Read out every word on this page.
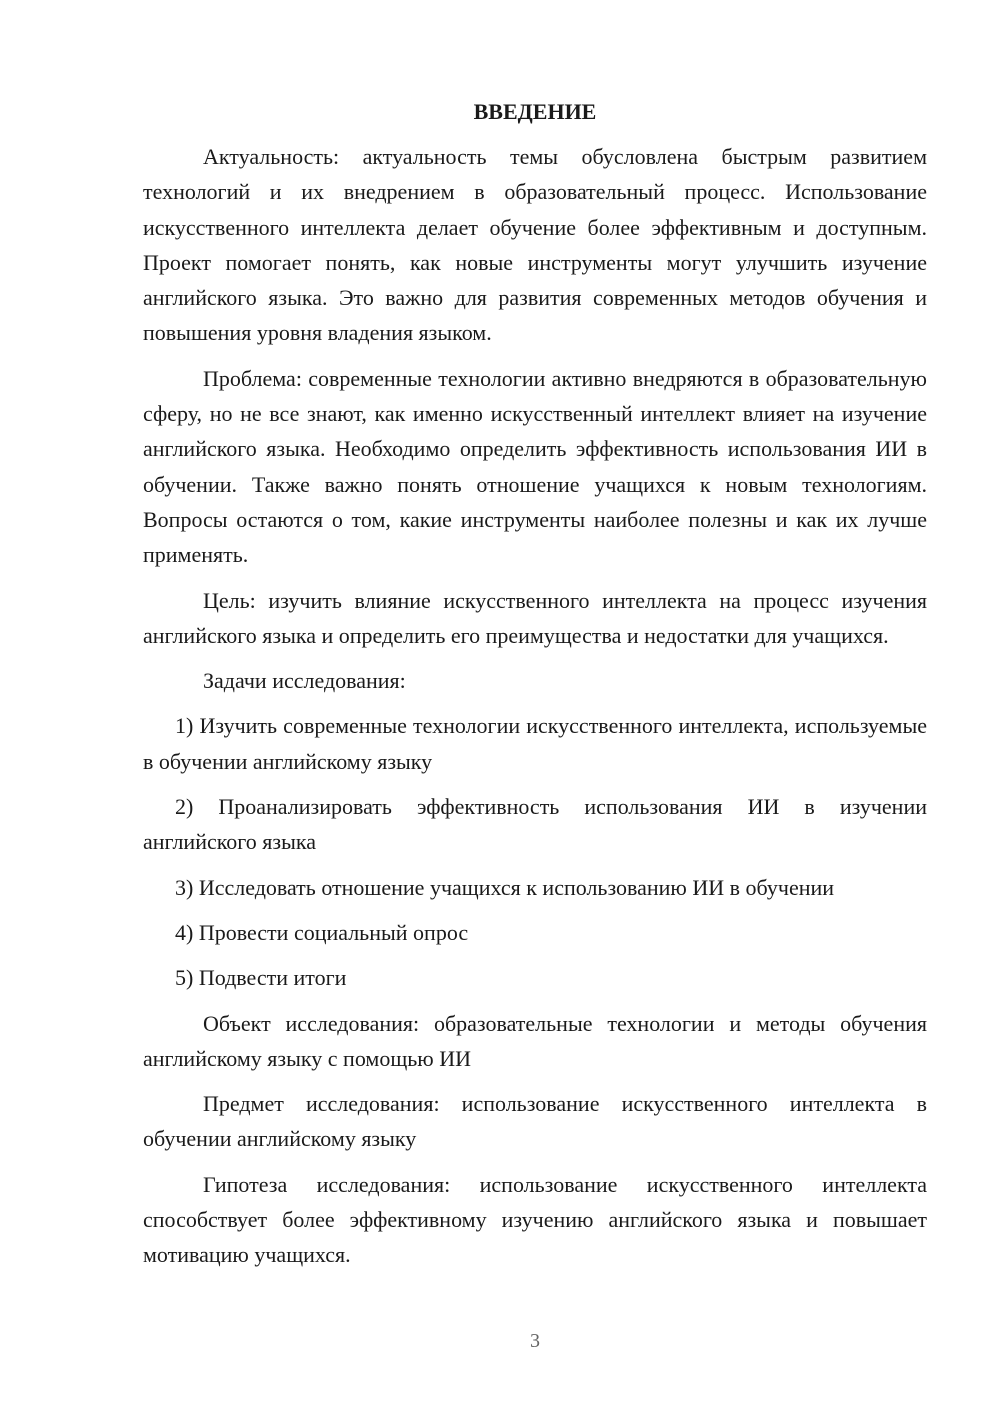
ВВЕДЕНИЕ

Актуальность: актуальность темы обусловлена быстрым развитием технологий и их внедрением в образовательный процесс. Использование искусственного интеллекта делает обучение более эффективным и доступным. Проект помогает понять, как новые инструменты могут улучшить изучение английского языка. Это важно для развития современных методов обучения и повышения уровня владения языком.

Проблема: современные технологии активно внедряются в образовательную сферу, но не все знают, как именно искусственный интеллект влияет на изучение английского языка. Необходимо определить эффективность использования ИИ в обучении. Также важно понять отношение учащихся к новым технологиям. Вопросы остаются о том, какие инструменты наиболее полезны и как их лучше применять.

Цель: изучить влияние искусственного интеллекта на процесс изучения английского языка и определить его преимущества и недостатки для учащихся.

Задачи исследования:

1) Изучить современные технологии искусственного интеллекта, используемые в обучении английскому языку

2) Проанализировать эффективность использования ИИ в изучении английского языка

3) Исследовать отношение учащихся к использованию ИИ в обучении

4) Провести социальный опрос

5) Подвести итоги

Объект исследования: образовательные технологии и методы обучения английскому языку с помощью ИИ

Предмет исследования: использование искусственного интеллекта в обучении английскому языку

Гипотеза исследования: использование искусственного интеллекта способствует более эффективному изучению английского языка и повышает мотивацию учащихся.

3
